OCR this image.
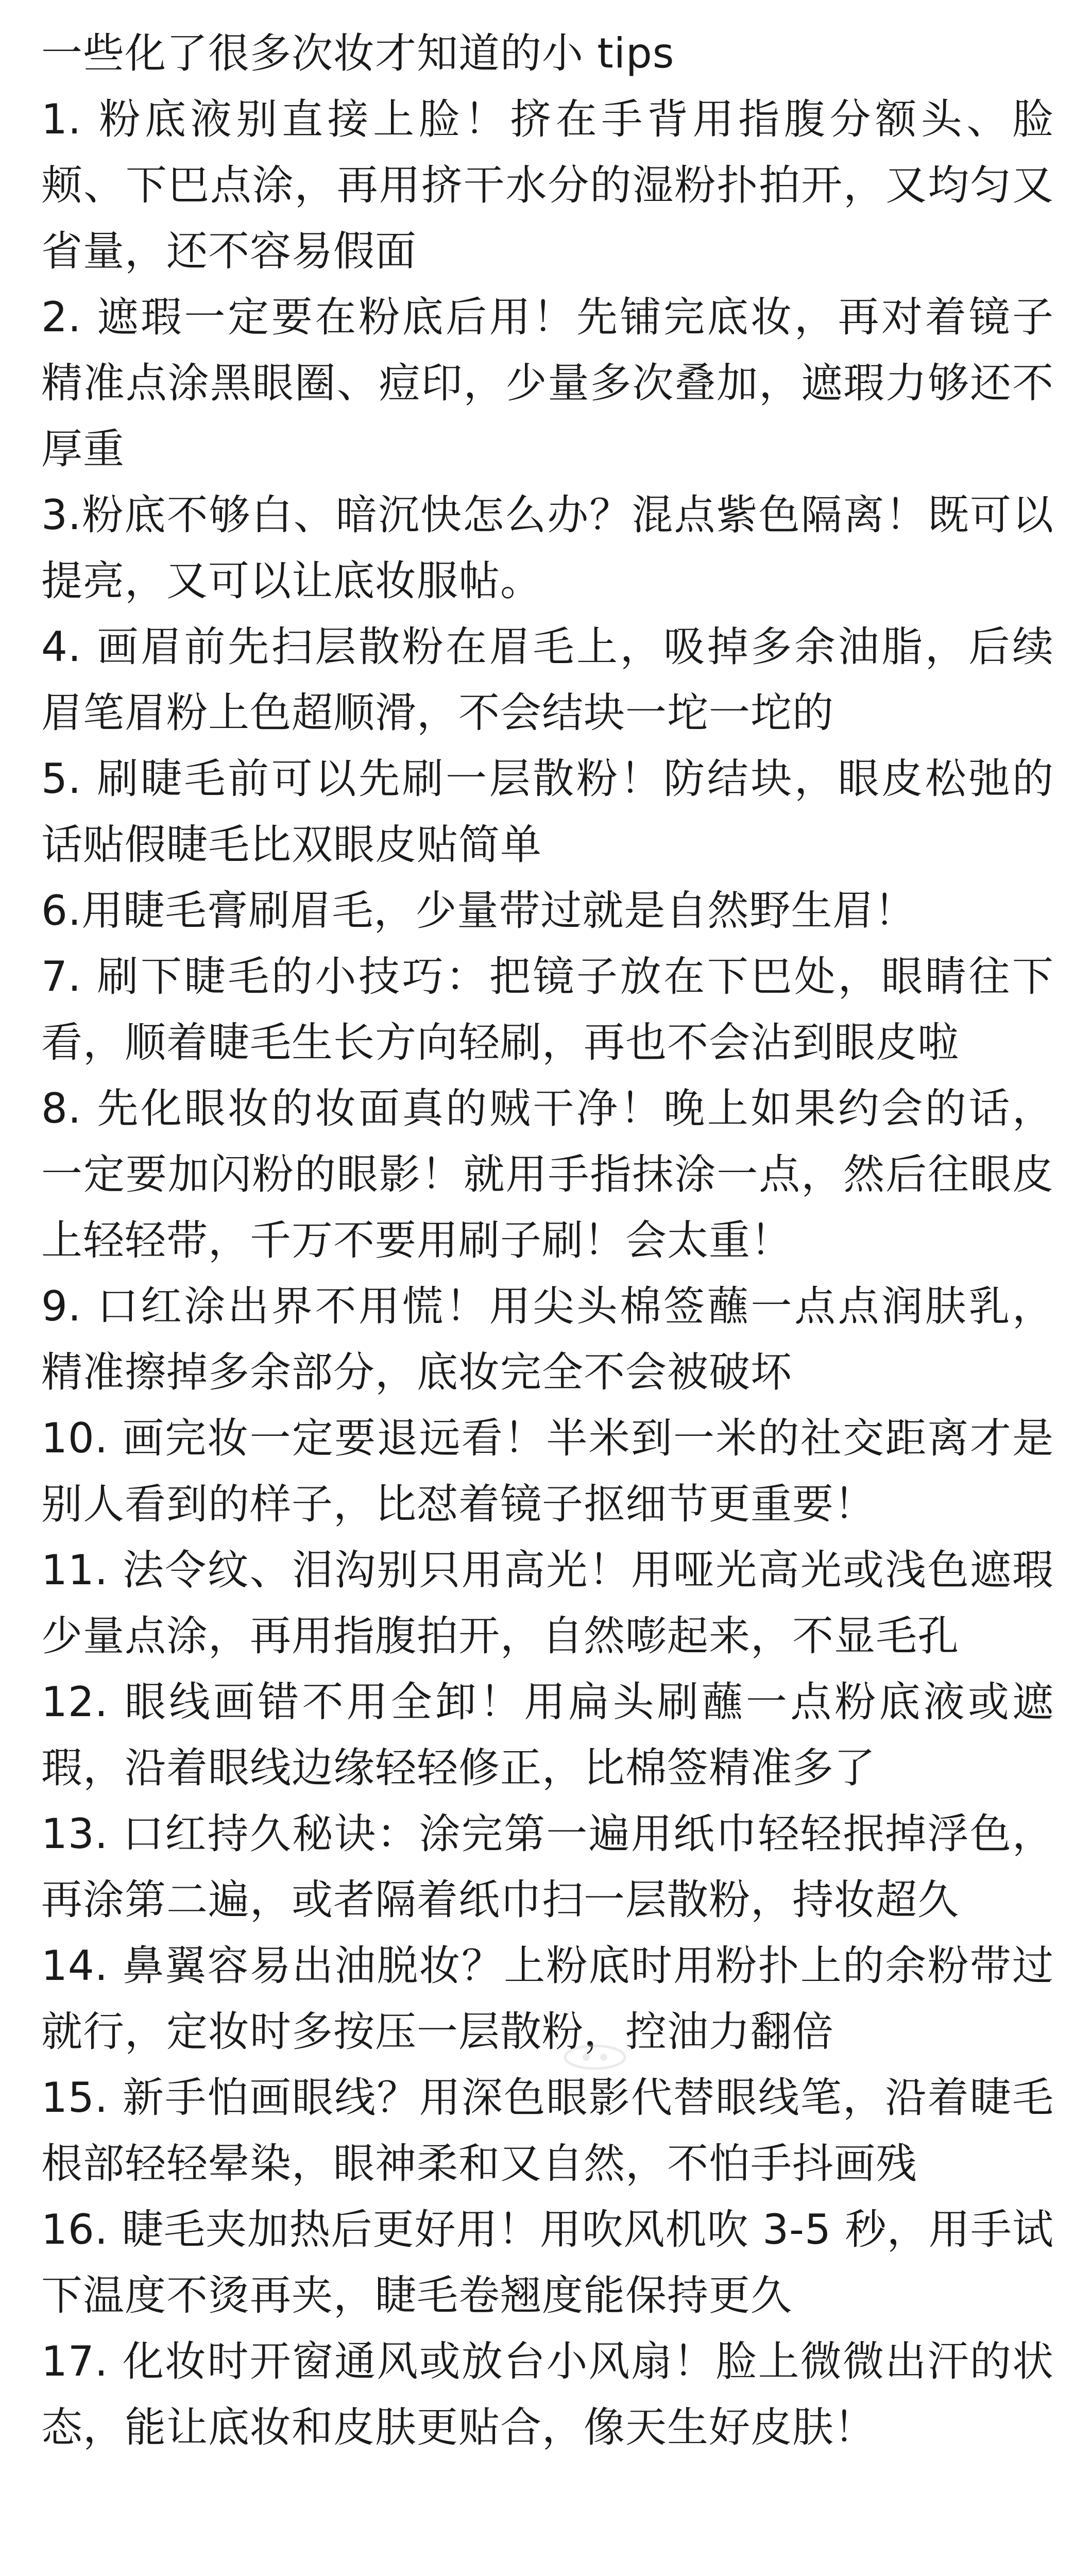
一些化了很多次妆才知道的小 tips
1. 粉底液别直接上脸！挤在手背用指腹分额头、脸颊、下巴点涂，再用挤干水分的湿粉扑拍开，又均匀又省量，还不容易假面
2. 遮瑕一定要在粉底后用！先铺完底妆，再对着镜子精准点涂黑眼圈、痘印，少量多次叠加，遮瑕力够还不厚重
3.粉底不够白、暗沉快怎么办？混点紫色隔离！既可以提亮，又可以让底妆服帖。
4. 画眉前先扫层散粉在眉毛上，吸掉多余油脂，后续眉笔眉粉上色超顺滑，不会结块一坨一坨的
5. 刷睫毛前可以先刷一层散粉！防结块，眼皮松弛的话贴假睫毛比双眼皮贴简单
6.用睫毛膏刷眉毛，少量带过就是自然野生眉！
7. 刷下睫毛的小技巧：把镜子放在下巴处，眼睛往下看，顺着睫毛生长方向轻刷，再也不会沾到眼皮啦
8. 先化眼妆的妆面真的贼干净！晚上如果约会的话，一定要加闪粉的眼影！就用手指抹涂一点，然后往眼皮上轻轻带，千万不要用刷子刷！会太重！
9. 口红涂出界不用慌！用尖头棉签蘸一点点润肤乳，精准擦掉多余部分，底妆完全不会被破坏
10. 画完妆一定要退远看！半米到一米的社交距离才是别人看到的样子，比怼着镜子抠细节更重要！
11. 法令纹、泪沟别只用高光！用哑光高光或浅色遮瑕少量点涂，再用指腹拍开，自然嘭起来，不显毛孔
12. 眼线画错不用全卸！用扁头刷蘸一点粉底液或遮瑕，沿着眼线边缘轻轻修正，比棉签精准多了
13. 口红持久秘诀：涂完第一遍用纸巾轻轻抿掉浮色，再涂第二遍，或者隔着纸巾扫一层散粉，持妆超久
14. 鼻翼容易出油脱妆？上粉底时用粉扑上的余粉带过就行，定妆时多按压一层散粉，控油力翻倍
15. 新手怕画眼线？用深色眼影代替眼线笔，沿着睫毛根部轻轻晕染，眼神柔和又自然，不怕手抖画残
16. 睫毛夹加热后更好用！用吹风机吹 3-5 秒，用手试下温度不烫再夹，睫毛卷翘度能保持更久
17. 化妆时开窗通风或放台小风扇！脸上微微出汗的状态，能让底妆和皮肤更贴合，像天生好皮肤！
